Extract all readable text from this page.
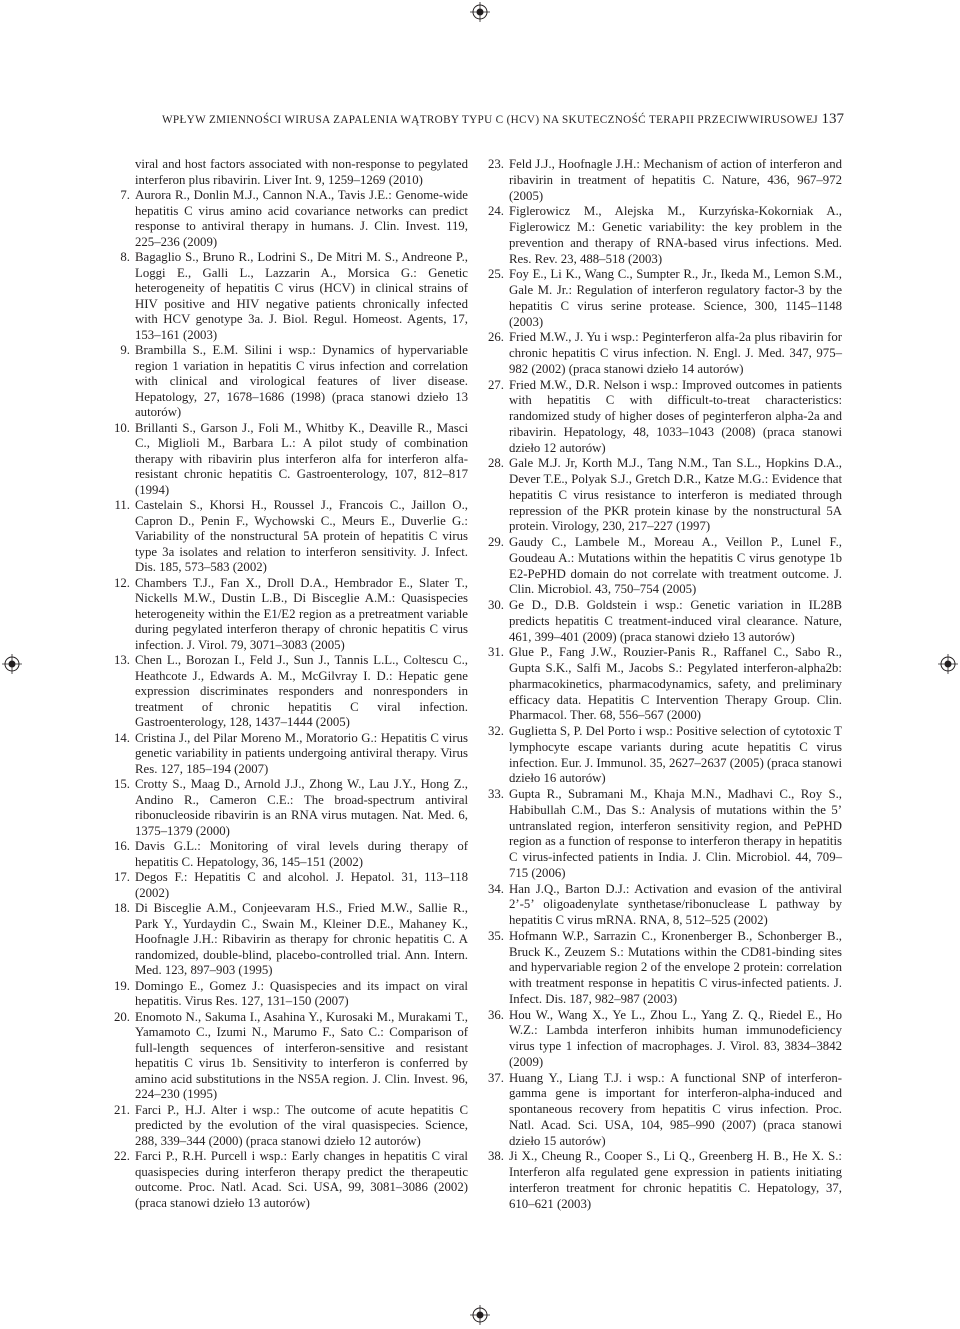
WPŁYW ZMIENNOŚCI WIRUSA ZAPALENIA WĄTROBY TYPU C (HCV) NA SKUTECZNOŚĆ TERAPII PRZECIWWIRUSOWEJ 137
viral and host factors associated with non-response to pegylated interferon plus ribavirin. Liver Int. 9, 1259–1269 (2010)
7. Aurora R., Donlin M.J., Cannon N.A., Tavis J.E.: Genome-wide hepatitis C virus amino acid covariance networks can predict response to antiviral therapy in humans. J. Clin. Invest. 119, 225–236 (2009)
8. Bagaglio S., Bruno R., Lodrini S., De Mitri M. S., Andreone P., Loggi E., Galli L., Lazzarin A., Morsica G.: Genetic heterogeneity of hepatitis C virus (HCV) in clinical strains of HIV positive and HIV negative patients chronically infected with HCV genotype 3a. J. Biol. Regul. Homeost. Agents, 17, 153–161 (2003)
9. Brambilla S., E.M. Silini i wsp.: Dynamics of hypervariable region 1 variation in hepatitis C virus infection and correlation with clinical and virological features of liver disease. Hepatology, 27, 1678–1686 (1998) (praca stanowi dzieło 13 autorów)
10. Brillanti S., Garson J., Foli M., Whitby K., Deaville R., Masci C., Miglioli M., Barbara L.: A pilot study of combination therapy with ribavirin plus interferon alfa for interferon alfa-resistant chronic hepatitis C. Gastroenterology, 107, 812–817 (1994)
11. Castelain S., Khorsi H., Roussel J., Francois C., Jaillon O., Capron D., Penin F., Wychowski C., Meurs E., Duverlie G.: Variability of the nonstructural 5A protein of hepatitis C virus type 3a isolates and relation to interferon sensitivity. J. Infect. Dis. 185, 573–583 (2002)
12. Chambers T.J., Fan X., Droll D.A., Hembrador E., Slater T., Nickells M.W., Dustin L.B., Di Bisceglie A.M.: Quasispecies heterogeneity within the E1/E2 region as a pretreatment variable during pegylated interferon therapy of chronic hepatitis C virus infection. J. Virol. 79, 3071–3083 (2005)
13. Chen L., Borozan I., Feld J., Sun J., Tannis L.L., Coltescu C., Heathcote J., Edwards A. M., McGilvray I. D.: Hepatic gene expression discriminates responders and nonresponders in treatment of chronic hepatitis C viral infection. Gastroenterology, 128, 1437–1444 (2005)
14. Cristina J., del Pilar Moreno M., Moratorio G.: Hepatitis C virus genetic variability in patients undergoing antiviral therapy. Virus Res. 127, 185–194 (2007)
15. Crotty S., Maag D., Arnold J.J., Zhong W., Lau J.Y., Hong Z., Andino R., Cameron C.E.: The broad-spectrum antiviral ribonucleoside ribavirin is an RNA virus mutagen. Nat. Med. 6, 1375–1379 (2000)
16. Davis G.L.: Monitoring of viral levels during therapy of hepatitis C. Hepatology, 36, 145–151 (2002)
17. Degos F.: Hepatitis C and alcohol. J. Hepatol. 31, 113–118 (2002)
18. Di Bisceglie A.M., Conjeevaram H.S., Fried M.W., Sallie R., Park Y., Yurdaydin C., Swain M., Kleiner D.E., Mahaney K., Hoofnagle J.H.: Ribavirin as therapy for chronic hepatitis C. A randomized, double-blind, placebo-controlled trial. Ann. Intern. Med. 123, 897–903 (1995)
19. Domingo E., Gomez J.: Quasispecies and its impact on viral hepatitis. Virus Res. 127, 131–150 (2007)
20. Enomoto N., Sakuma I., Asahina Y., Kurosaki M., Murakami T., Yamamoto C., Izumi N., Marumo F., Sato C.: Comparison of full-length sequences of interferon-sensitive and resistant hepatitis C virus 1b. Sensitivity to interferon is conferred by amino acid substitutions in the NS5A region. J. Clin. Invest. 96, 224–230 (1995)
21. Farci P., H.J. Alter i wsp.: The outcome of acute hepatitis C predicted by the evolution of the viral quasispecies. Science, 288, 339–344 (2000) (praca stanowi dzieło 12 autorów)
22. Farci P., R.H. Purcell i wsp.: Early changes in hepatitis C viral quasispecies during interferon therapy predict the therapeutic outcome. Proc. Natl. Acad. Sci. USA, 99, 3081–3086 (2002) (praca stanowi dzieło 13 autorów)
23. Feld J.J., Hoofnagle J.H.: Mechanism of action of interferon and ribavirin in treatment of hepatitis C. Nature, 436, 967–972 (2005)
24. Figlerowicz M., Alejska M., Kurzyńska-Kokorniak A., Figlerowicz M.: Genetic variability: the key problem in the prevention and therapy of RNA-based virus infections. Med. Res. Rev. 23, 488–518 (2003)
25. Foy E., Li K., Wang C., Sumpter R., Jr., Ikeda M., Lemon S.M., Gale M. Jr.: Regulation of interferon regulatory factor-3 by the hepatitis C virus serine protease. Science, 300, 1145–1148 (2003)
26. Fried M.W., J. Yu i wsp.: Peginterferon alfa-2a plus ribavirin for chronic hepatitis C virus infection. N. Engl. J. Med. 347, 975–982 (2002) (praca stanowi dzieło 14 autorów)
27. Fried M.W., D.R. Nelson i wsp.: Improved outcomes in patients with hepatitis C with difficult-to-treat characteristics: randomized study of higher doses of peginterferon alpha-2a and ribavirin. Hepatology, 48, 1033–1043 (2008) (praca stanowi dzieło 12 autorów)
28. Gale M.J. Jr, Korth M.J., Tang N.M., Tan S.L., Hopkins D.A., Dever T.E., Polyak S.J., Gretch D.R., Katze M.G.: Evidence that hepatitis C virus resistance to interferon is mediated through repression of the PKR protein kinase by the nonstructural 5A protein. Virology, 230, 217–227 (1997)
29. Gaudy C., Lambele M., Moreau A., Veillon P., Lunel F., Goudeau A.: Mutations within the hepatitis C virus genotype 1b E2-PePHD domain do not correlate with treatment outcome. J. Clin. Microbiol. 43, 750–754 (2005)
30. Ge D., D.B. Goldstein i wsp.: Genetic variation in IL28B predicts hepatitis C treatment-induced viral clearance. Nature, 461, 399–401 (2009) (praca stanowi dzieło 13 autorów)
31. Glue P., Fang J.W., Rouzier-Panis R., Raffanel C., Sabo R., Gupta S.K., Salfi M., Jacobs S.: Pegylated interferon-alpha2b: pharmacokinetics, pharmacodynamics, safety, and preliminary efficacy data. Hepatitis C Intervention Therapy Group. Clin. Pharmacol. Ther. 68, 556–567 (2000)
32. Guglietta S, P. Del Porto i wsp.: Positive selection of cytotoxic T lymphocyte escape variants during acute hepatitis C virus infection. Eur. J. Immunol. 35, 2627–2637 (2005) (praca stanowi dzieło 16 autorów)
33. Gupta R., Subramani M., Khaja M.N., Madhavi C., Roy S., Habibullah C.M., Das S.: Analysis of mutations within the 5’ untranslated region, interferon sensitivity region, and PePHD region as a function of response to interferon therapy in hepatitis C virus-infected patients in India. J. Clin. Microbiol. 44, 709–715 (2006)
34. Han J.Q., Barton D.J.: Activation and evasion of the antiviral 2’-5’ oligoadenylate synthetase/ribonuclease L pathway by hepatitis C virus mRNA. RNA, 8, 512–525 (2002)
35. Hofmann W.P., Sarrazin C., Kronenberger B., Schonberger B., Bruck K., Zeuzem S.: Mutations within the CD81-binding sites and hypervariable region 2 of the envelope 2 protein: correlation with treatment response in hepatitis C virus-infected patients. J. Infect. Dis. 187, 982–987 (2003)
36. Hou W., Wang X., Ye L., Zhou L., Yang Z. Q., Riedel E., Ho W.Z.: Lambda interferon inhibits human immunodeficiency virus type 1 infection of macrophages. J. Virol. 83, 3834–3842 (2009)
37. Huang Y., Liang T.J. i wsp.: A functional SNP of interferon-gamma gene is important for interferon-alpha-induced and spontaneous recovery from hepatitis C virus infection. Proc. Natl. Acad. Sci. USA, 104, 985–990 (2007) (praca stanowi dzieło 15 autorów)
38. Ji X., Cheung R., Cooper S., Li Q., Greenberg H. B., He X. S.: Interferon alfa regulated gene expression in patients initiating interferon treatment for chronic hepatitis C. Hepatology, 37, 610–621 (2003)
